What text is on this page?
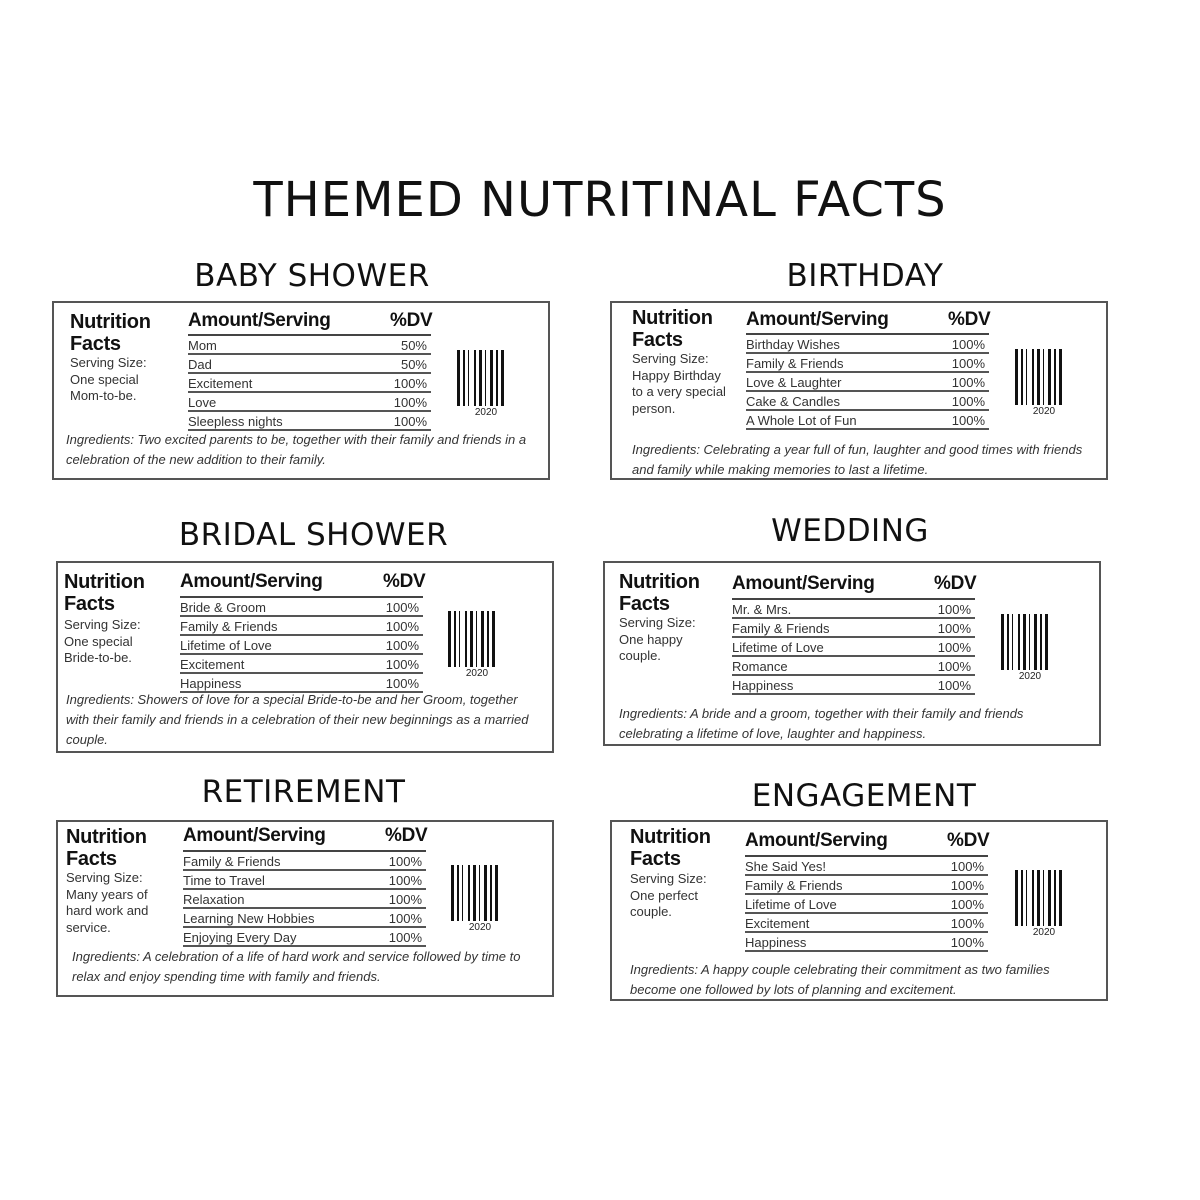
THEMED NUTRITINAL FACTS
BABY SHOWER
Nutrition
Facts
Serving Size: One special Mom-to-be.
Amount/Serving	%DV
Mom	50%
Dad	50%
Excitement	100%
Love	100%
Sleepless nights	100%
2020
Ingredients: Two excited parents to be, together with their family and friends in a celebration of the new addition to their family.
BIRTHDAY
Nutrition
Facts
Serving Size: Happy Birthday to a very special person.
Amount/Serving	%DV
Birthday Wishes	100%
Family & Friends	100%
Love & Laughter	100%
Cake & Candles	100%
A Whole Lot of Fun	100%
2020
Ingredients: Celebrating a year full of fun, laughter and good times with friends and family while making memories to last a lifetime.
BRIDAL SHOWER
Nutrition
Facts
Serving Size: One special Bride-to-be.
Amount/Serving	%DV
Bride & Groom	100%
Family & Friends	100%
Lifetime of Love	100%
Excitement	100%
Happiness	100%
2020
Ingredients: Showers of love for a special Bride-to-be and her Groom, together with their family and friends in a celebration of their new beginnings as a married couple.
WEDDING
Nutrition
Facts
Serving Size: One happy couple.
Amount/Serving	%DV
Mr. & Mrs.	100%
Family & Friends	100%
Lifetime of Love	100%
Romance	100%
Happiness	100%
2020
Ingredients: A bride and a groom, together with their family and friends celebrating a lifetime of love, laughter and happiness.
RETIREMENT
Nutrition
Facts
Serving Size: Many years of hard work and service.
Amount/Serving	%DV
Family & Friends	100%
Time to Travel	100%
Relaxation	100%
Learning New Hobbies	100%
Enjoying Every Day	100%
2020
Ingredients: A celebration of a life of hard work and service followed by time to relax and enjoy spending time with family and friends.
ENGAGEMENT
Nutrition
Facts
Serving Size: One perfect couple.
Amount/Serving	%DV
She Said Yes!	100%
Family & Friends	100%
Lifetime of Love	100%
Excitement	100%
Happiness	100%
2020
Ingredients: A happy couple celebrating their commitment as two families become one followed by lots of planning and excitement.
